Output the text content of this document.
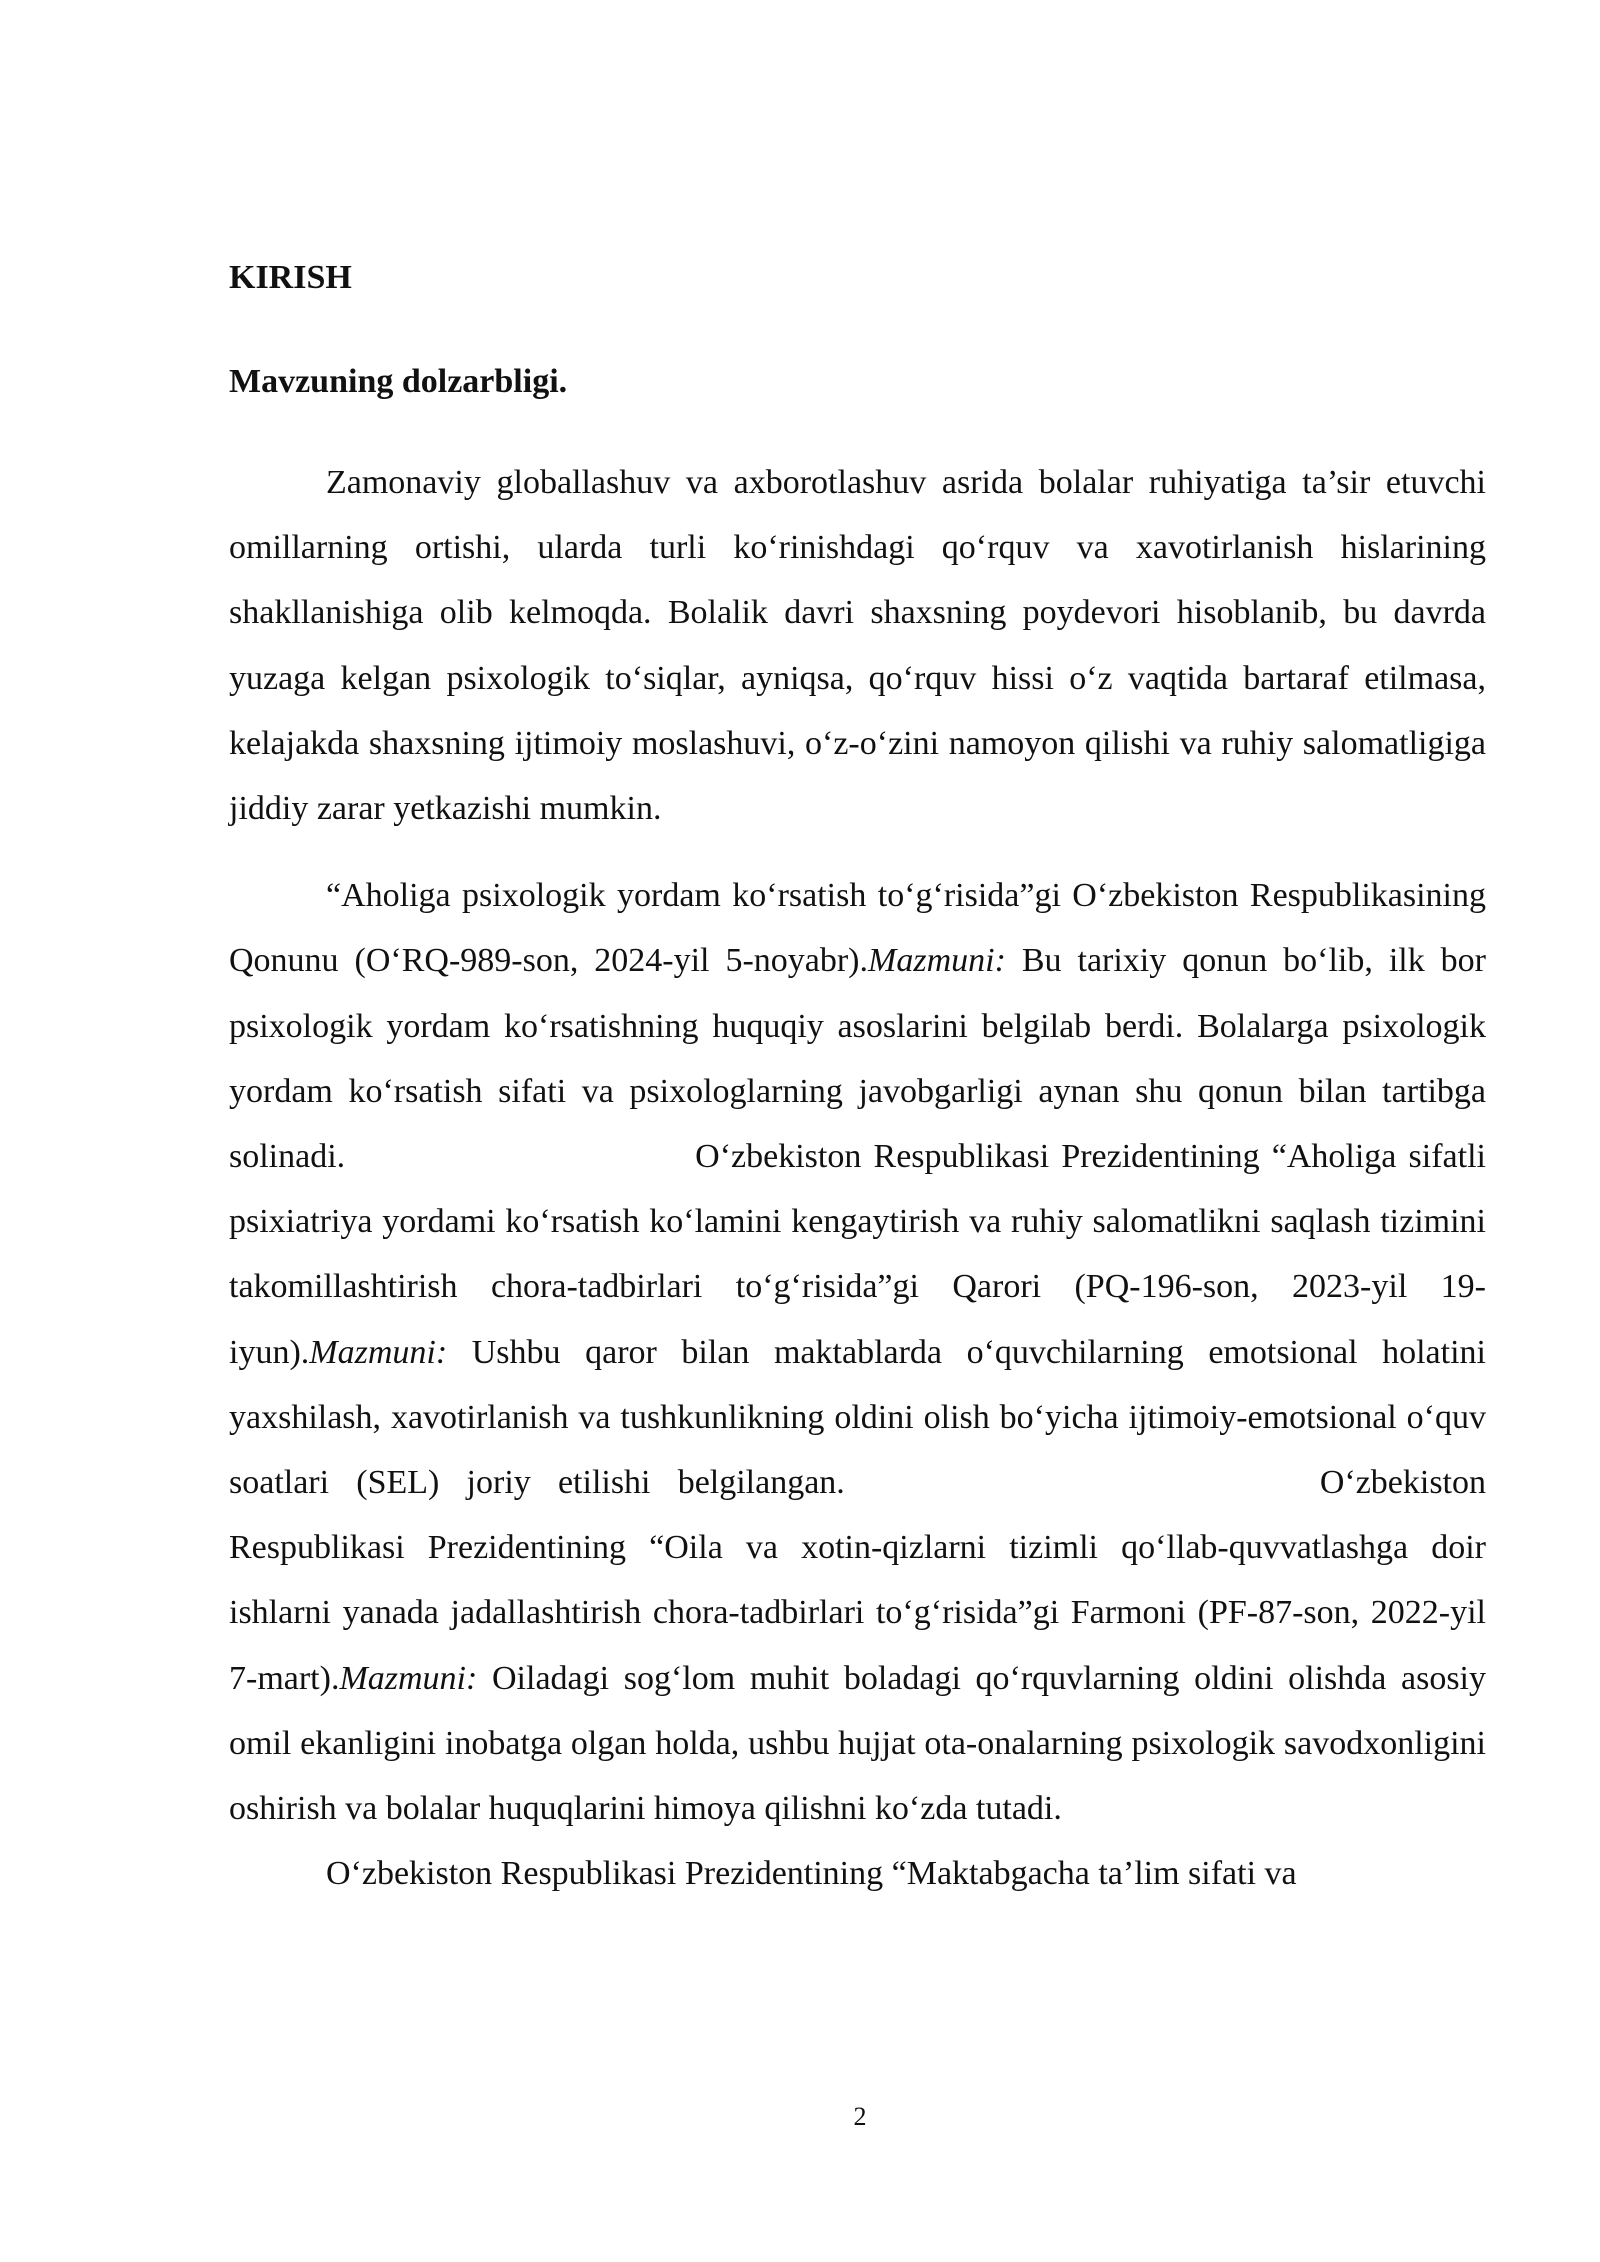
KIRISH
Mavzuning dolzarbligi.

Zamonaviy globallashuv va axborotlashuv asrida bolalar ruhiyatiga ta’sir etuvchi omillarning ortishi, ularda turli ko‘rinishdagi qo‘rquv va xavotirlanish hislarining shakllanishiga olib kelmoqda. Bolalik davri shaxsning poydevori hisoblanib, bu davrda yuzaga kelgan psixologik to‘siqlar, ayniqsa, qo‘rquv hissi o‘z vaqtida bartaraf etilmasa, kelajakda shaxsning ijtimoiy moslashuvi, o‘z-o‘zini namoyon qilishi va ruhiy salomatligiga jiddiy zarar yetkazishi mumkin.

“Aholiga psixologik yordam ko‘rsatish to‘g‘risida”gi O‘zbekiston Respublikasining Qonunu (O‘RQ-989-son, 2024-yil 5-noyabr).Mazmuni: Bu tarixiy qonun bo‘lib, ilk bor psixologik yordam ko‘rsatishning huquqiy asoslarini belgilab berdi. Bolalarga psixologik yordam ko‘rsatish sifati va psixologlarning javobgarligi aynan shu qonun bilan tartibga solinadi.	O‘zbekiston Respublikasi Prezidentining “Aholiga sifatli psixiatriya yordami ko‘rsatish ko‘lamini kengaytirish va ruhiy salomatlikni saqlash tizimini takomillashtirish chora-tadbirlari to‘g‘risida”gi Qarori (PQ-196-son, 2023-yil 19-iyun).Mazmuni: Ushbu qaror bilan maktablarda o‘quvchilarning emotsional holatini yaxshilash, xavotirlanish va tushkunlikning oldini olish bo‘yicha ijtimoiy-emotsional o‘quv soatlari (SEL) joriy etilishi belgilangan.	O‘zbekiston Respublikasi Prezidentining “Oila va xotin-qizlarni tizimli qo‘llab-quvvatlashga doir ishlarni yanada jadallashtirish chora-tadbirlari to‘g‘risida”gi Farmoni (PF-87-son, 2022-yil 7-mart).Mazmuni: Oiladagi sog‘lom muhit boladagi qo‘rquvlarning oldini olishda asosiy omil ekanligini inobatga olgan holda, ushbu hujjat ota-onalarning psixologik savodxonligini oshirish va bolalar huquqlarini himoya qilishni ko‘zda tutadi.

O‘zbekiston Respublikasi Prezidentining “Maktabgacha ta’lim sifati va

2
